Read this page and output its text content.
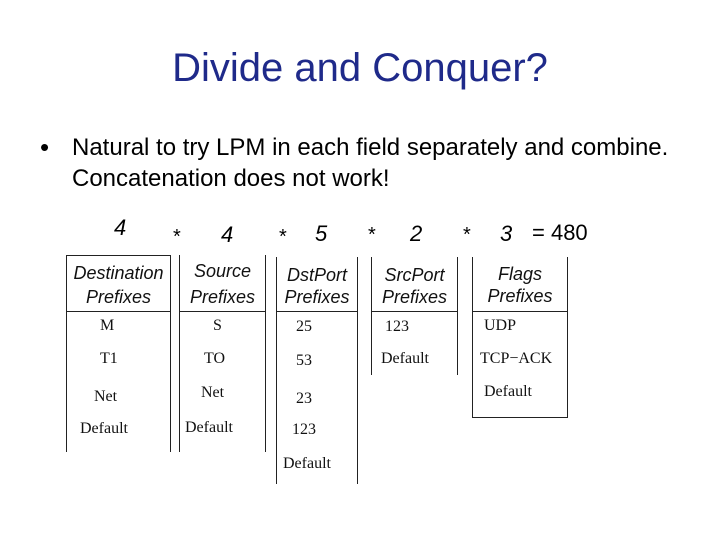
Divide and Conquer?
• Natural to try LPM in each field separately and combine. Concatenation does not work!
4 * 4 * 5 * 2 * 3 = 480
Destination
Prefixes
M
T1
Net
Default
Source
Prefixes
S
TO
Net
Default
DstPort
Prefixes
25
53
23
123
Default
SrcPort
Prefixes
123
Default
Flags
Prefixes
UDP
TCP−ACK
Default
